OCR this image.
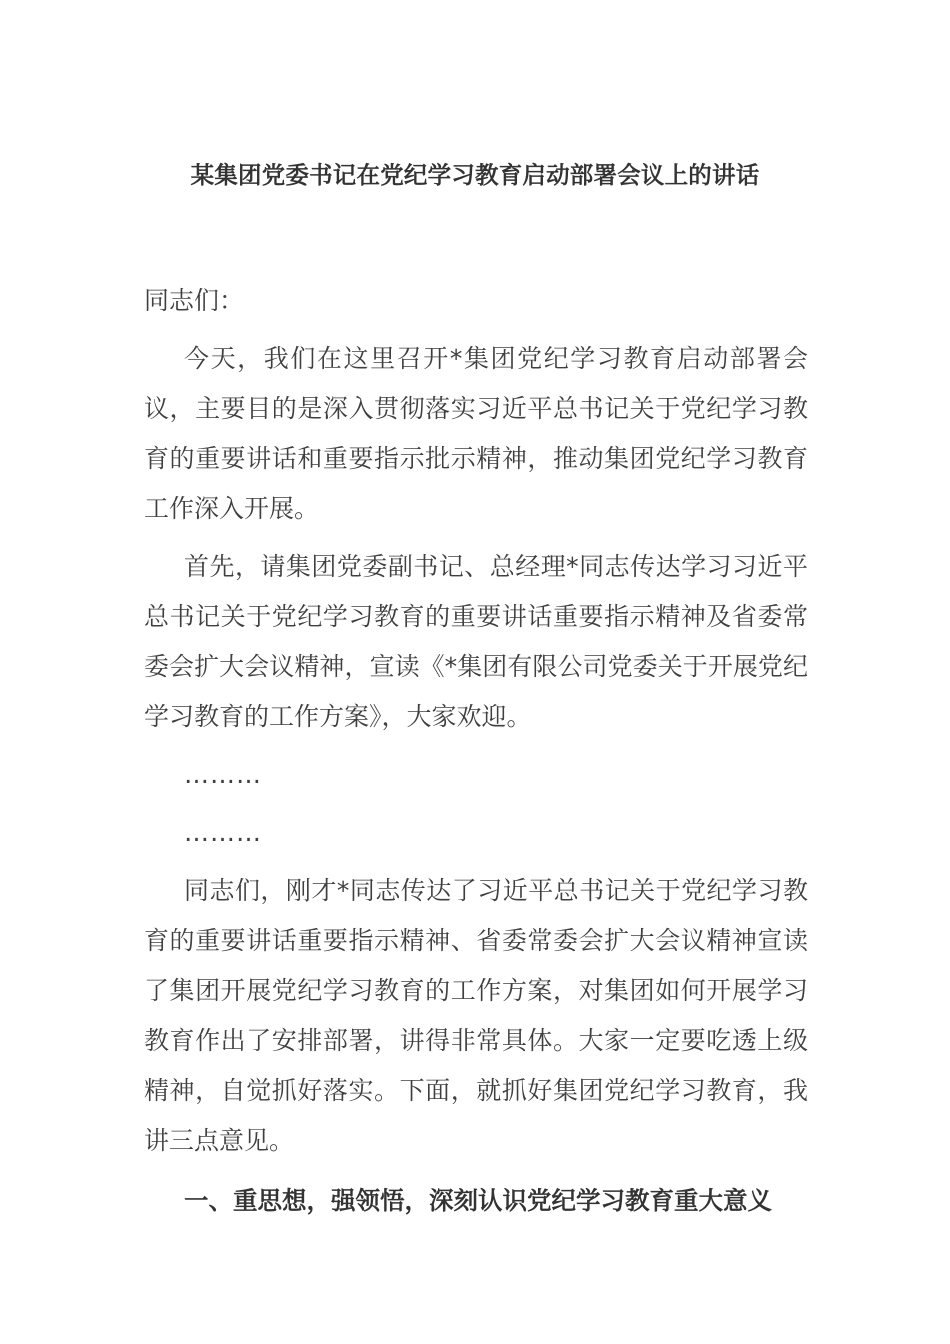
某集团党委书记在党纪学习教育启动部署会议上的讲话

同志们：

今天，我们在这里召开*集团党纪学习教育启动部署会议，主要目的是深入贯彻落实习近平总书记关于党纪学习教育的重要讲话和重要指示批示精神，推动集团党纪学习教育工作深入开展。

首先，请集团党委副书记、总经理*同志传达学习习近平总书记关于党纪学习教育的重要讲话重要指示精神及省委常委会扩大会议精神，宣读《*集团有限公司党委关于开展党纪学习教育的工作方案》，大家欢迎。

………

………

同志们，刚才*同志传达了习近平总书记关于党纪学习教育的重要讲话重要指示精神、省委常委会扩大会议精神宣读了集团开展党纪学习教育的工作方案，对集团如何开展学习教育作出了安排部署，讲得非常具体。大家一定要吃透上级精神，自觉抓好落实。下面，就抓好集团党纪学习教育，我讲三点意见。

一、重思想，强领悟，深刻认识党纪学习教育重大意义
